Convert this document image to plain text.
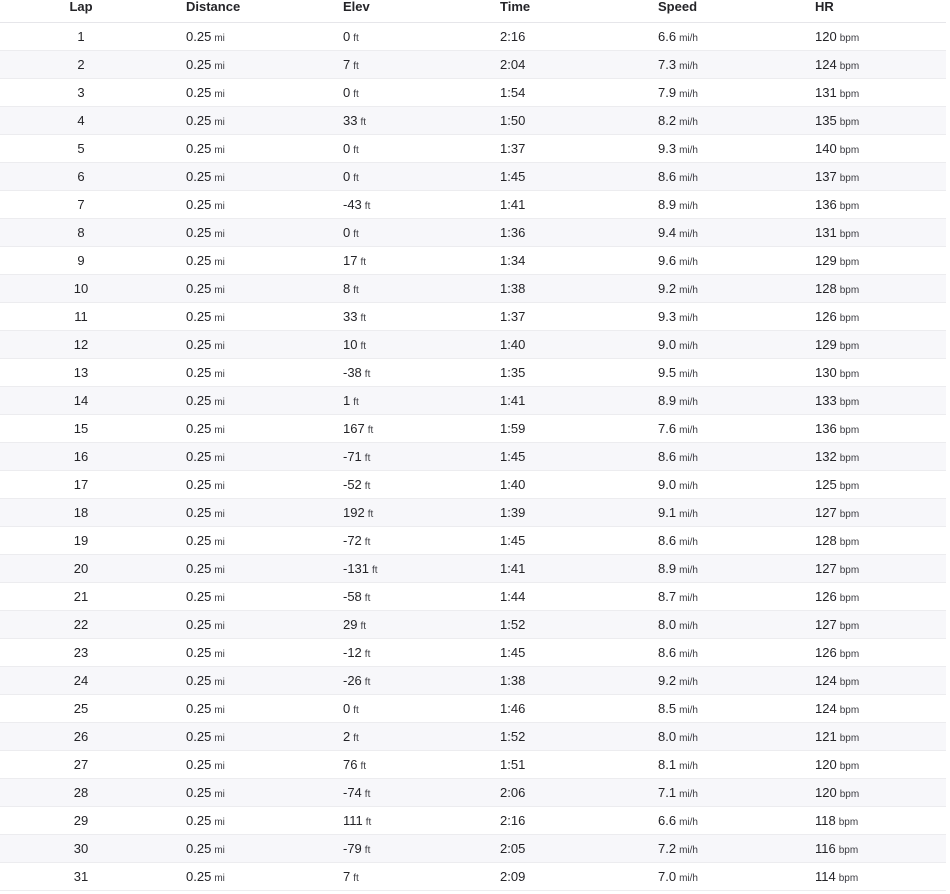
Lap	Distance	Elev	Time	Speed	HR
1	0.25 mi	0 ft	2:16	6.6 mi/h	120 bpm
2	0.25 mi	7 ft	2:04	7.3 mi/h	124 bpm
3	0.25 mi	0 ft	1:54	7.9 mi/h	131 bpm
4	0.25 mi	33 ft	1:50	8.2 mi/h	135 bpm
5	0.25 mi	0 ft	1:37	9.3 mi/h	140 bpm
6	0.25 mi	0 ft	1:45	8.6 mi/h	137 bpm
7	0.25 mi	-43 ft	1:41	8.9 mi/h	136 bpm
8	0.25 mi	0 ft	1:36	9.4 mi/h	131 bpm
9	0.25 mi	17 ft	1:34	9.6 mi/h	129 bpm
10	0.25 mi	8 ft	1:38	9.2 mi/h	128 bpm
11	0.25 mi	33 ft	1:37	9.3 mi/h	126 bpm
12	0.25 mi	10 ft	1:40	9.0 mi/h	129 bpm
13	0.25 mi	-38 ft	1:35	9.5 mi/h	130 bpm
14	0.25 mi	1 ft	1:41	8.9 mi/h	133 bpm
15	0.25 mi	167 ft	1:59	7.6 mi/h	136 bpm
16	0.25 mi	-71 ft	1:45	8.6 mi/h	132 bpm
17	0.25 mi	-52 ft	1:40	9.0 mi/h	125 bpm
18	0.25 mi	192 ft	1:39	9.1 mi/h	127 bpm
19	0.25 mi	-72 ft	1:45	8.6 mi/h	128 bpm
20	0.25 mi	-131 ft	1:41	8.9 mi/h	127 bpm
21	0.25 mi	-58 ft	1:44	8.7 mi/h	126 bpm
22	0.25 mi	29 ft	1:52	8.0 mi/h	127 bpm
23	0.25 mi	-12 ft	1:45	8.6 mi/h	126 bpm
24	0.25 mi	-26 ft	1:38	9.2 mi/h	124 bpm
25	0.25 mi	0 ft	1:46	8.5 mi/h	124 bpm
26	0.25 mi	2 ft	1:52	8.0 mi/h	121 bpm
27	0.25 mi	76 ft	1:51	8.1 mi/h	120 bpm
28	0.25 mi	-74 ft	2:06	7.1 mi/h	120 bpm
29	0.25 mi	111 ft	2:16	6.6 mi/h	118 bpm
30	0.25 mi	-79 ft	2:05	7.2 mi/h	116 bpm
31	0.25 mi	7 ft	2:09	7.0 mi/h	114 bpm
